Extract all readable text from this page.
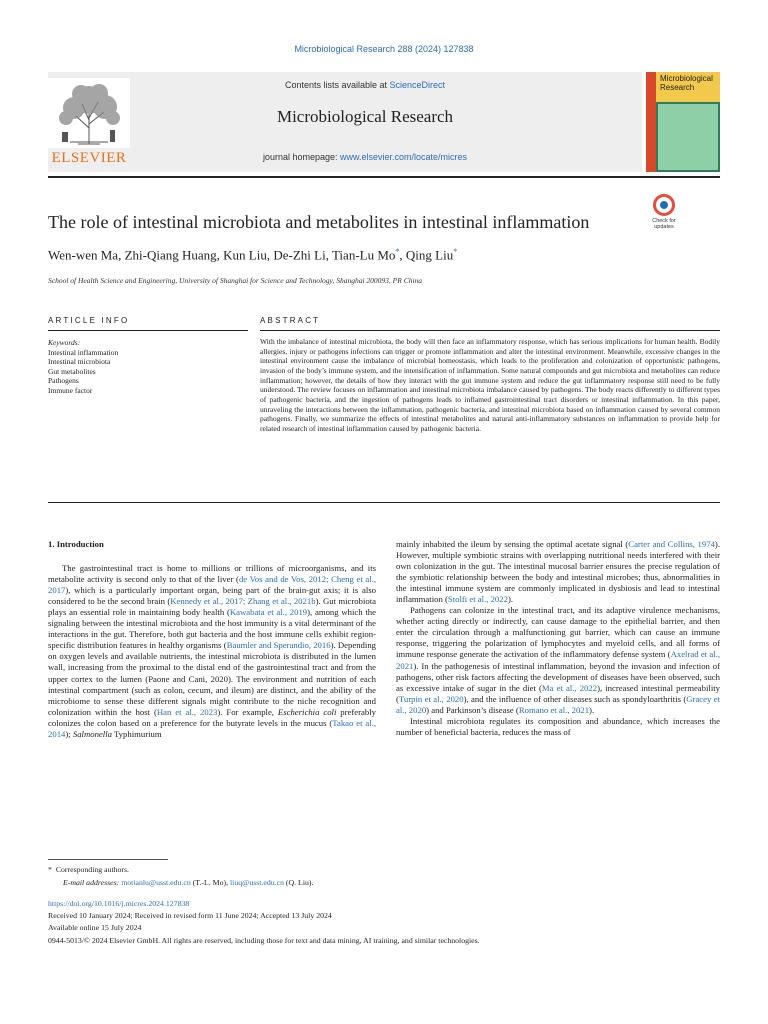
Microbiological Research 288 (2024) 127838
ELSEVIER
Contents lists available at ScienceDirect
Microbiological Research
journal homepage: www.elsevier.com/locate/micres
Microbiological Research
The role of intestinal microbiota and metabolites in intestinal inflammation	Check for updates
Wen-wen Ma, Zhi-Qiang Huang, Kun Liu, De-Zhi Li, Tian-Lu Mo*, Qing Liu*
School of Health Science and Engineering, University of Shanghai for Science and Technology, Shanghai 200093, PR China
ARTICLE INFO	ABSTRACT
Keywords:
Intestinal inflammation
Intestinal microbiota
Gut metabolites
Pathogens
Immune factor
With the imbalance of intestinal microbiota, the body will then face an inflammatory response, which has serious implications for human health. Bodily allergies, injury or pathogens infections can trigger or promote inflammation and alter the intestinal environment. Meanwhile, excessive changes in the intestinal environment cause the imbalance of microbial homeostasis, which leads to the proliferation and colonization of opportunistic pathogens, invasion of the body’s immune system, and the intensification of inflammation. Some natural compounds and gut microbiota and metabolites can reduce inflammation; however, the details of how they interact with the gut immune system and reduce the gut inflammatory response still need to be fully understood. The review focuses on inflammation and intestinal microbiota imbalance caused by pathogens. The body reacts differently to different types of pathogenic bacteria, and the ingestion of pathogens leads to inflamed gastrointestinal tract disorders or intestinal inflammation. In this paper, unraveling the interactions between the inflammation, pathogenic bacteria, and intestinal microbiota based on inflammation caused by several common pathogens. Finally, we summarize the effects of intestinal metabolites and natural anti-inflammatory substances on inflammation to provide help for related research of intestinal inflammation caused by pathogenic bacteria.
1. Introduction

The gastrointestinal tract is home to millions or trillions of microorganisms, and its metabolite activity is second only to that of the liver (de Vos and de Vos, 2012; Cheng et al., 2017), which is a particularly important organ, being part of the brain-gut axis; it is also considered to be the second brain (Kennedy et al., 2017; Zhang et al., 2021b). Gut microbiota plays an essential role in maintaining body health (Kawabata et al., 2019), among which the signaling between the intestinal microbiota and the host immunity is a vital determinant of the interactions in the gut. Therefore, both gut bacteria and the host immune cells exhibit region-specific distribution features in healthy organisms (Baumler and Sperandio, 2016). Depending on oxygen levels and available nutrients, the intestinal microbiota is distributed in the lumen wall, increasing from the proximal to the distal end of the gastrointestinal tract and from the upper cortex to the lumen (Paone and Cani, 2020). The environment and nutrition of each intestinal compartment (such as colon, cecum, and ileum) are distinct, and the ability of the microbiome to sense these different signals might contribute to the niche recognition and colonization within the host (Han et al., 2023). For example, Escherichia coli preferably colonizes the colon based on a preference for the butyrate levels in the mucus (Takao et al., 2014); Salmonella Typhimurium

mainly inhabited the ileum by sensing the optimal acetate signal (Carter and Collins, 1974). However, multiple symbiotic strains with overlapping nutritional needs interfered with their own colonization in the gut. The intestinal mucosal barrier ensures the precise regulation of the symbiotic relationship between the body and intestinal microbes; thus, abnormalities in the intestinal immune system are commonly implicated in dysbiosis and lead to intestinal inflammation (Stolfi et al., 2022).

Pathogens can colonize in the intestinal tract, and its adaptive virulence mechanisms, whether acting directly or indirectly, can cause damage to the epithelial barrier, and then enter the circulation through a malfunctioning gut barrier, which can cause an immune response, triggering the polarization of lymphocytes and myeloid cells, and all forms of immune response generate the activation of the inflammatory defense system (Axelrad et al., 2021). In the pathogenesis of intestinal inflammation, beyond the invasion and infection of pathogens, other risk factors affecting the development of diseases have been observed, such as excessive intake of sugar in the diet (Ma et al., 2022), increased intestinal permeability (Turpin et al., 2020), and the influence of other diseases such as spondyloarthritis (Gracey et al., 2020) and Parkinson’s disease (Romano et al., 2021).

Intestinal microbiota regulates its composition and abundance, which increases the number of beneficial bacteria, reduces the mass of

* Corresponding authors.
E-mail addresses: motianlu@usst.edu.cn (T.-L. Mo), liuq@usst.edu.cn (Q. Liu).
https://doi.org/10.1016/j.micres.2024.127838
Received 10 January 2024; Received in revised form 11 June 2024; Accepted 13 July 2024
Available online 15 July 2024
0944-5013/© 2024 Elsevier GmbH. All rights are reserved, including those for text and data mining, AI training, and similar technologies.
